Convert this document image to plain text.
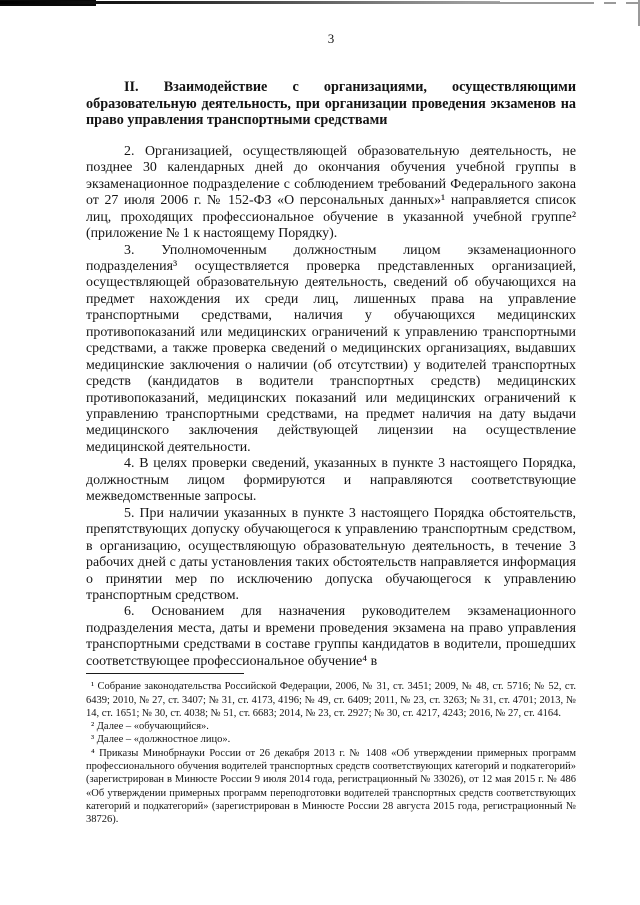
3
II. Взаимодействие с организациями, осуществляющими образовательную деятельность, при организации проведения экзаменов на право управления транспортными средствами

2. Организацией, осуществляющей образовательную деятельность, не позднее 30 календарных дней до окончания обучения учебной группы в экзаменационное подразделение с соблюдением требований Федерального закона от 27 июля 2006 г. № 152-ФЗ «О персональных данных»¹ направляется список лиц, проходящих профессиональное обучение в указанной учебной группе² (приложение № 1 к настоящему Порядку).

3. Уполномоченным должностным лицом экзаменационного подразделения³ осуществляется проверка представленных организацией, осуществляющей образовательную деятельность, сведений об обучающихся на предмет нахождения их среди лиц, лишенных права на управление транспортными средствами, наличия у обучающихся медицинских противопоказаний или медицинских ограничений к управлению транспортными средствами, а также проверка сведений о медицинских организациях, выдавших медицинские заключения о наличии (об отсутствии) у водителей транспортных средств (кандидатов в водители транспортных средств) медицинских противопоказаний, медицинских показаний или медицинских ограничений к управлению транспортными средствами, на предмет наличия на дату выдачи медицинского заключения действующей лицензии на осуществление медицинской деятельности.

4. В целях проверки сведений, указанных в пункте 3 настоящего Порядка, должностным лицом формируются и направляются соответствующие межведомственные запросы.

5. При наличии указанных в пункте 3 настоящего Порядка обстоятельств, препятствующих допуску обучающегося к управлению транспортным средством, в организацию, осуществляющую образовательную деятельность, в течение 3 рабочих дней с даты установления таких обстоятельств направляется информация о принятии мер по исключению допуска обучающегося к управлению транспортным средством.

6. Основанием для назначения руководителем экзаменационного подразделения места, даты и времени проведения экзамена на право управления транспортными средствами в составе группы кандидатов в водители, прошедших соответствующее профессиональное обучение⁴ в

¹ Собрание законодательства Российской Федерации, 2006, № 31, ст. 3451; 2009, № 48, ст. 5716; № 52, ст. 6439; 2010, № 27, ст. 3407; № 31, ст. 4173, 4196; № 49, ст. 6409; 2011, № 23, ст. 3263; № 31, ст. 4701; 2013, № 14, ст. 1651; № 30, ст. 4038; № 51, ст. 6683; 2014, № 23, ст. 2927; № 30, ст. 4217, 4243; 2016, № 27, ст. 4164.

² Далее – «обучающийся».

³ Далее – «должностное лицо».

⁴ Приказы Минобрнауки России от 26 декабря 2013 г. № 1408 «Об утверждении примерных программ профессионального обучения водителей транспортных средств соответствующих категорий и подкатегорий» (зарегистрирован в Минюсте России 9 июля 2014 года, регистрационный № 33026), от 12 мая 2015 г. № 486 «Об утверждении примерных программ переподготовки водителей транспортных средств соответствующих категорий и подкатегорий» (зарегистрирован в Минюсте России 28 августа 2015 года, регистрационный № 38726).
